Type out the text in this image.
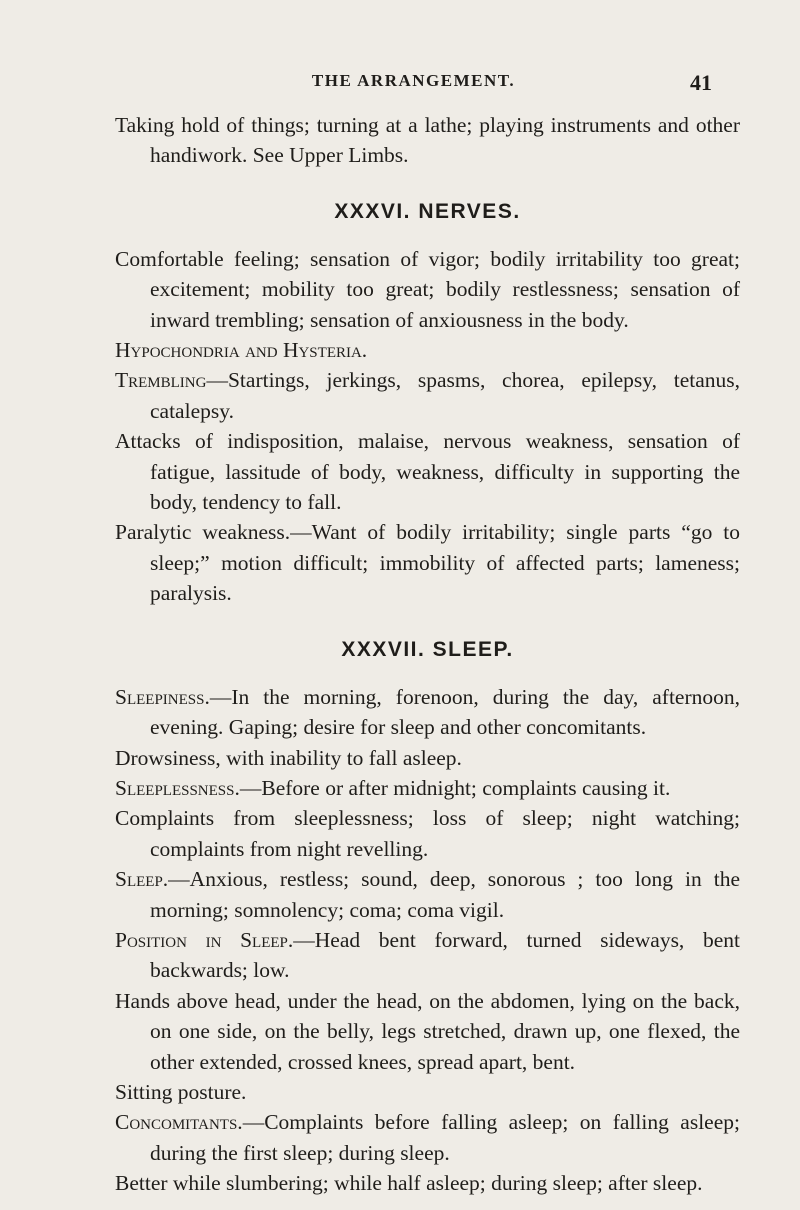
THE ARRANGEMENT.	41

Taking hold of things; turning at a lathe; playing instruments and other handiwork. See Upper Limbs.

XXXVI. NERVES.

Comfortable feeling; sensation of vigor; bodily irritability too great; excitement; mobility too great; bodily restlessness; sensation of inward trembling; sensation of anxiousness in the body.

Hypochondria and Hysteria.

Trembling—Startings, jerkings, spasms, chorea, epilepsy, tetanus, catalepsy.

Attacks of indisposition, malaise, nervous weakness, sensation of fatigue, lassitude of body, weakness, difficulty in supporting the body, tendency to fall.

Paralytic weakness.—Want of bodily irritability; single parts “go to sleep;” motion difficult; immobility of affected parts; lameness; paralysis.

XXXVII. SLEEP.

Sleepiness.—In the morning, forenoon, during the day, afternoon, evening. Gaping; desire for sleep and other concomitants.

Drowsiness, with inability to fall asleep.

Sleeplessness.—Before or after midnight; complaints causing it.

Complaints from sleeplessness; loss of sleep; night watching; complaints from night revelling.

Sleep.—Anxious, restless; sound, deep, sonorous ; too long in the morning; somnolency; coma; coma vigil.

Position in Sleep.—Head bent forward, turned sideways, bent backwards; low.

Hands above head, under the head, on the abdomen, lying on the back, on one side, on the belly, legs stretched, drawn up, one flexed, the other extended, crossed knees, spread apart, bent.

Sitting posture.

Concomitants.—Complaints before falling asleep; on falling asleep; during the first sleep; during sleep.

Better while slumbering; while half asleep; during sleep; after sleep.
